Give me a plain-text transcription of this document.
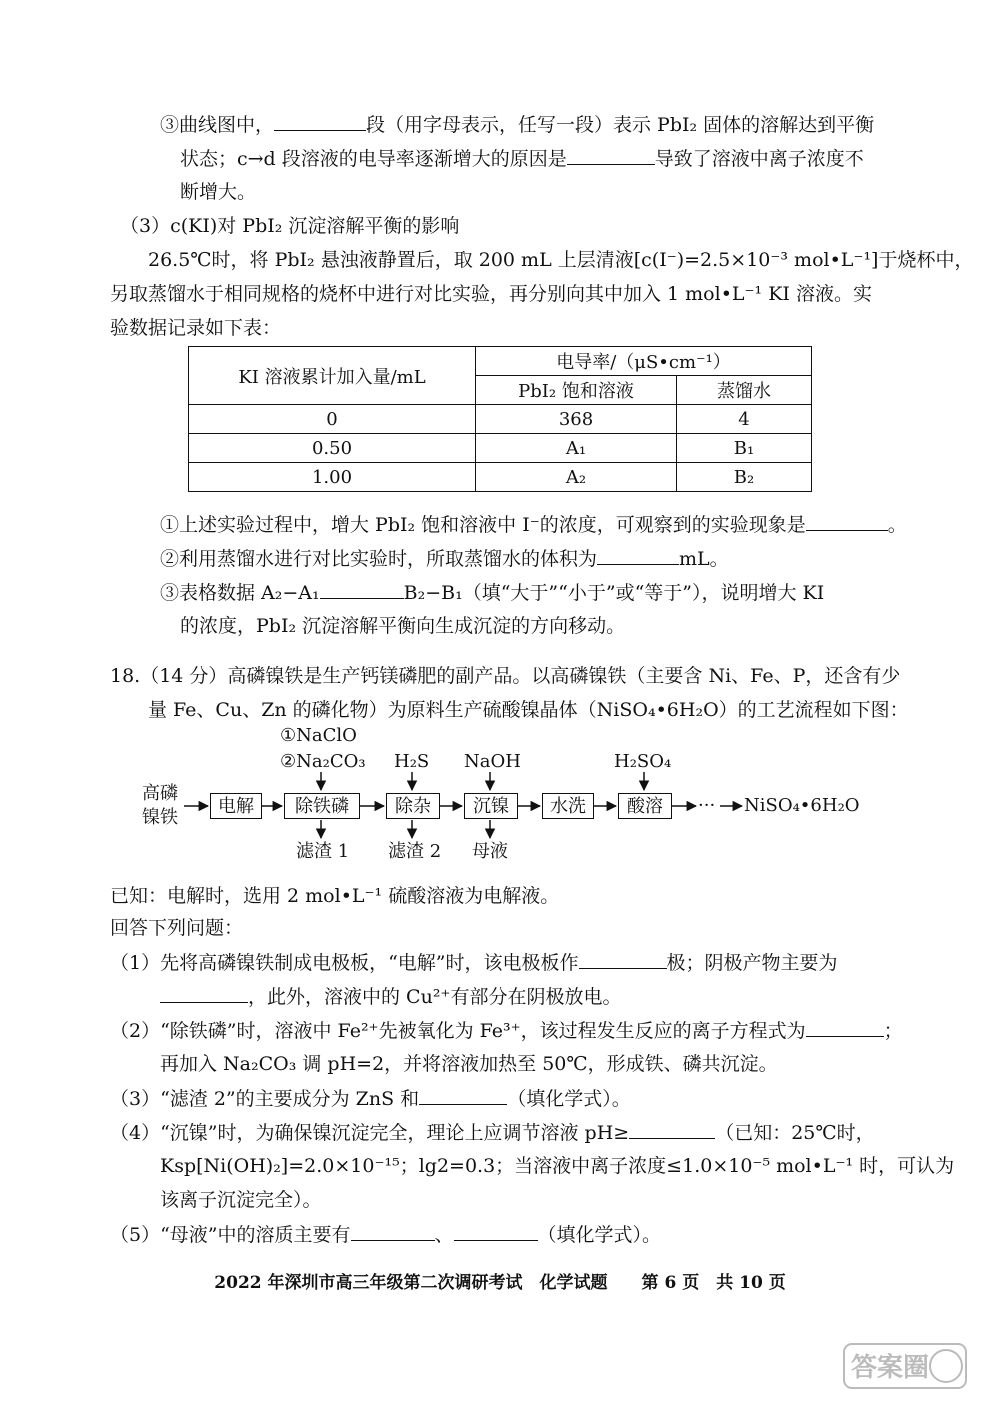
③曲线图中，	段（用字母表示，任写一段）表示 PbI₂ 固体的溶解达到平衡
状态；c→d 段溶液的电导率逐渐增大的原因是	导致了溶液中离子浓度不
断增大。
（3）c(KI)对 PbI₂ 沉淀溶解平衡的影响
26.5℃时，将 PbI₂ 悬浊液静置后，取 200 mL 上层清液[c(I⁻)=2.5×10⁻³ mol•L⁻¹]于烧杯中，
另取蒸馏水于相同规格的烧杯中进行对比实验，再分别向其中加入 1 mol•L⁻¹ KI 溶液。实
验数据记录如下表：
KI 溶液累计加入量/mL	电导率/（μS•cm⁻¹）	
	PbI₂ 饱和溶液	蒸馏水
0	368	4
0.50	A₁	B₁
1.00	A₂	B₂
①上述实验过程中，增大 PbI₂ 饱和溶液中 I⁻的浓度，可观察到的实验现象是	。
②利用蒸馏水进行对比实验时，所取蒸馏水的体积为	mL。
③表格数据 A₂−A₁	B₂−B₁（填“大于”“小于”或“等于”），说明增大 KI
的浓度，PbI₂ 沉淀溶解平衡向生成沉淀的方向移动。
18.（14 分）高磷镍铁是生产钙镁磷肥的副产品。以高磷镍铁（主要含 Ni、Fe、P，还含有少
量 Fe、Cu、Zn 的磷化物）为原料生产硫酸镍晶体（NiSO₄•6H₂O）的工艺流程如下图：
①NaClO
②Na₂CO₃ H₂S NaOH	H₂SO₄
高磷
镍铁
电解	除铁磷	除杂	沉镍	水洗	酸溶	··· NiSO₄•6H₂O
滤渣 1 滤渣 2 母液
已知：电解时，选用 2 mol•L⁻¹ 硫酸溶液为电解液。
回答下列问题：
（1）先将高磷镍铁制成电极板，“电解”时，该电极板作	极；阴极产物主要为
，此外，溶液中的 Cu²⁺有部分在阴极放电。
（2）“除铁磷”时，溶液中 Fe²⁺先被氧化为 Fe³⁺，该过程发生反应的离子方程式为	；
再加入 Na₂CO₃ 调 pH=2，并将溶液加热至 50℃，形成铁、磷共沉淀。
（3）“滤渣 2”的主要成分为 ZnS 和	（填化学式）。
（4）“沉镍”时，为确保镍沉淀完全，理论上应调节溶液 pH≥	（已知：25℃时，
Ksp[Ni(OH)₂]=2.0×10⁻¹⁵；lg2=0.3；当溶液中离子浓度≤1.0×10⁻⁵ mol•L⁻¹ 时，可认为
该离子沉淀完全）。
（5）“母液”中的溶质主要有	、	（填化学式）。
2022 年深圳市高三年级第二次调研考试　化学试题　　第 6 页　共 10 页
答案圈
